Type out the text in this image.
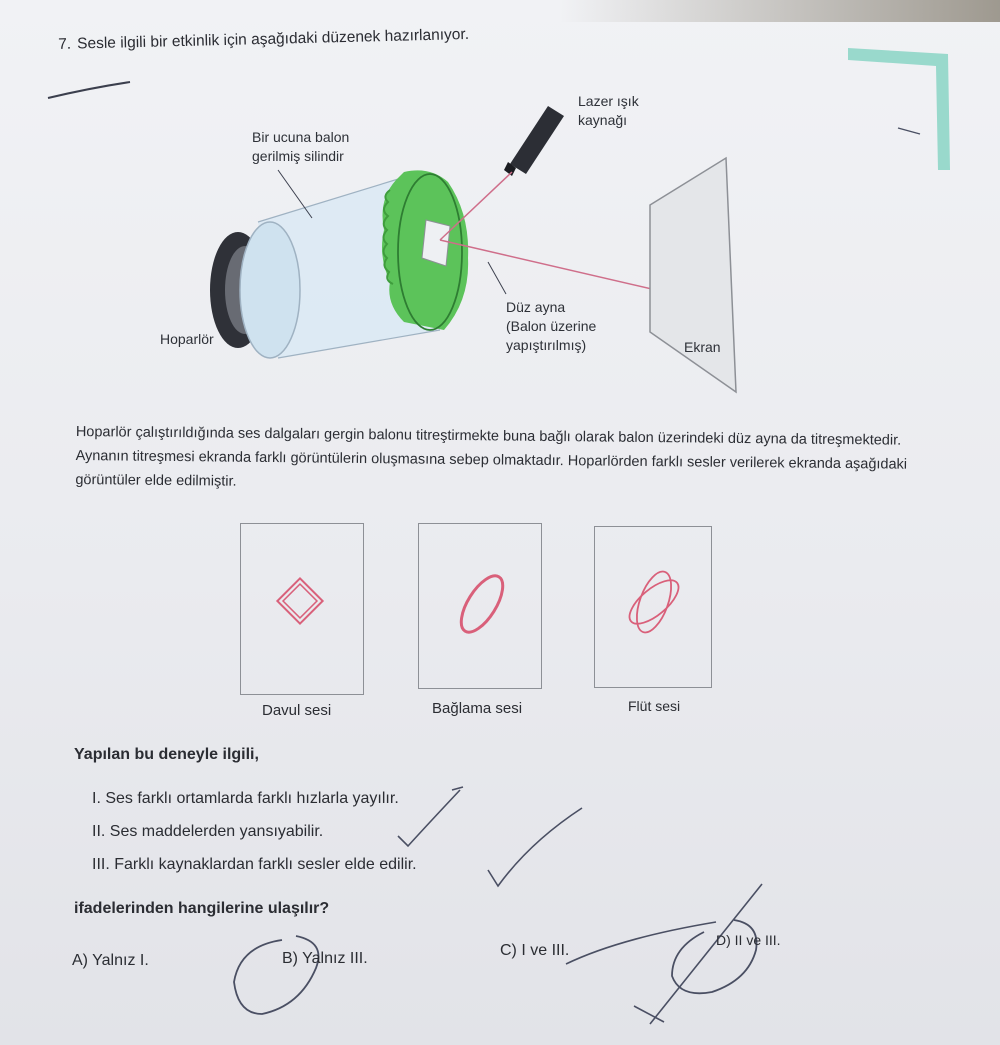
7. Sesle ilgili bir etkinlik için aşağıdaki düzenek hazırlanıyor.
Bir ucuna balon
gerilmiş silindir
Lazer ışık
kaynağı
Düz ayna
(Balon üzerine
yapıştırılmış)
Hoparlör	Ekran
Hoparlör çalıştırıldığında ses dalgaları gergin balonu titreştirmekte buna bağlı olarak balon üzerindeki düz ayna da titreşmektedir. Aynanın titreşmesi ekranda farklı görüntülerin oluşmasına sebep olmaktadır. Hoparlörden farklı sesler verilerek ekranda aşağıdaki görüntüler elde edilmiştir.
Davul sesi	Bağlama sesi	Flüt sesi
Yapılan bu deneyle ilgili,
I. Ses farklı ortamlarda farklı hızlarla yayılır.
II. Ses maddelerden yansıyabilir.
III. Farklı kaynaklardan farklı sesler elde edilir.
ifadelerinden hangilerine ulaşılır?
A) Yalnız I.	B) Yalnız III.	C) I ve III.
D) II ve III.
